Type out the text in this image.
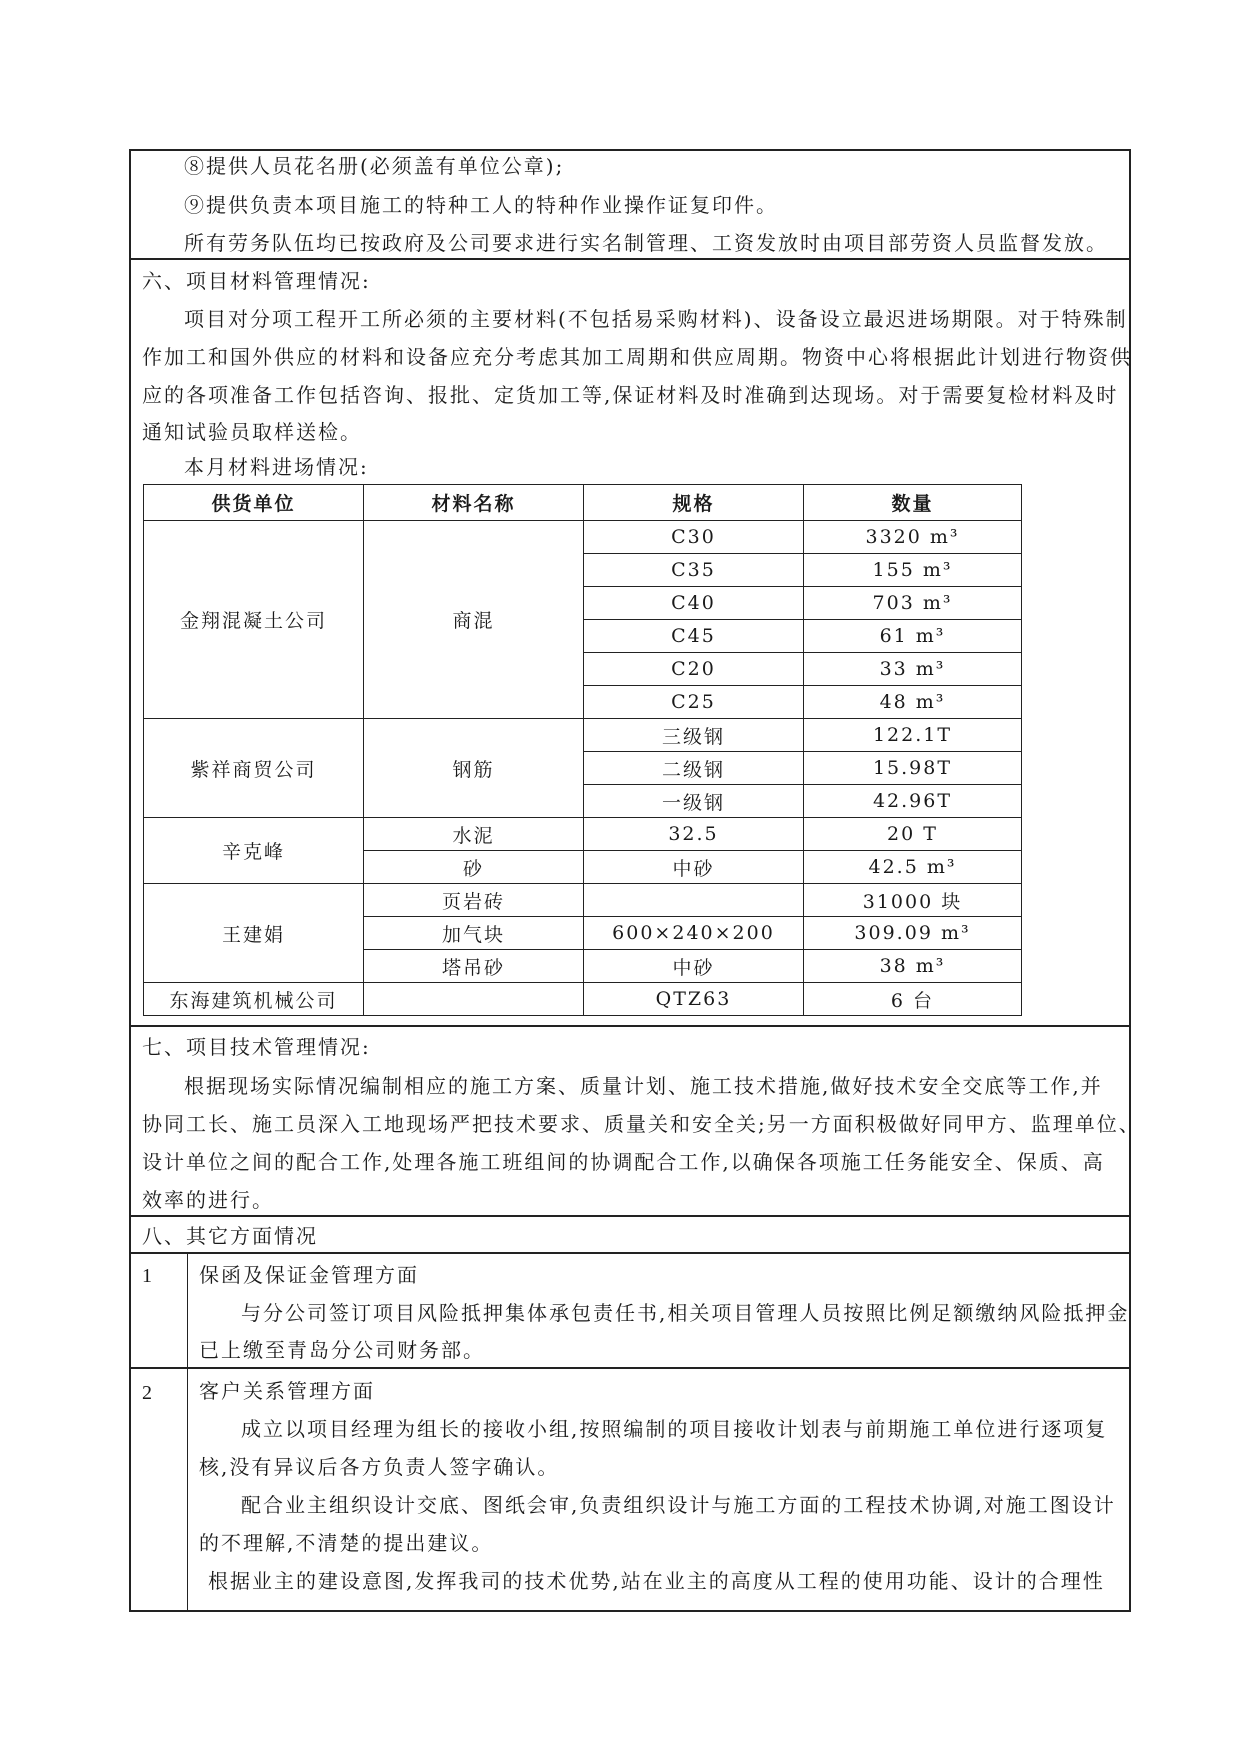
⑧提供人员花名册(必须盖有单位公章);
⑨提供负责本项目施工的特种工人的特种作业操作证复印件。
所有劳务队伍均已按政府及公司要求进行实名制管理、工资发放时由项目部劳资人员监督发放。
六、项目材料管理情况:
项目对分项工程开工所必须的主要材料(不包括易采购材料)、设备设立最迟进场期限。对于特殊制
作加工和国外供应的材料和设备应充分考虑其加工周期和供应周期。物资中心将根据此计划进行物资供
应的各项准备工作包括咨询、报批、定货加工等,保证材料及时准确到达现场。对于需要复检材料及时
通知试验员取样送检。
本月材料进场情况:
供货单位	材料名称	规格	数量
金翔混凝土公司	商混	C30	3320 m³
		C35	155 m³
		C40	703 m³
		C45	61 m³
		C20	33 m³
		C25	48 m³
紫祥商贸公司	钢筋	三级钢	122.1T
		二级钢	15.98T
		一级钢	42.96T
辛克峰	水泥	32.5	20 T
	砂	中砂	42.5 m³
王建娟	页岩砖		31000 块
	加气块	600×240×200	309.09 m³
	塔吊砂	中砂	38 m³
东海建筑机械公司		QTZ63	6 台
七、项目技术管理情况:
根据现场实际情况编制相应的施工方案、质量计划、施工技术措施,做好技术安全交底等工作,并
协同工长、施工员深入工地现场严把技术要求、质量关和安全关;另一方面积极做好同甲方、监理单位、
设计单位之间的配合工作,处理各施工班组间的协调配合工作,以确保各项施工任务能安全、保质、高
效率的进行。
八、其它方面情况
1 保函及保证金管理方面
与分公司签订项目风险抵押集体承包责任书,相关项目管理人员按照比例足额缴纳风险抵押金
已上缴至青岛分公司财务部。
2 客户关系管理方面
成立以项目经理为组长的接收小组,按照编制的项目接收计划表与前期施工单位进行逐项复
核,没有异议后各方负责人签字确认。
配合业主组织设计交底、图纸会审,负责组织设计与施工方面的工程技术协调,对施工图设计
的不理解,不清楚的提出建议。
根据业主的建设意图,发挥我司的技术优势,站在业主的高度从工程的使用功能、设计的合理性
